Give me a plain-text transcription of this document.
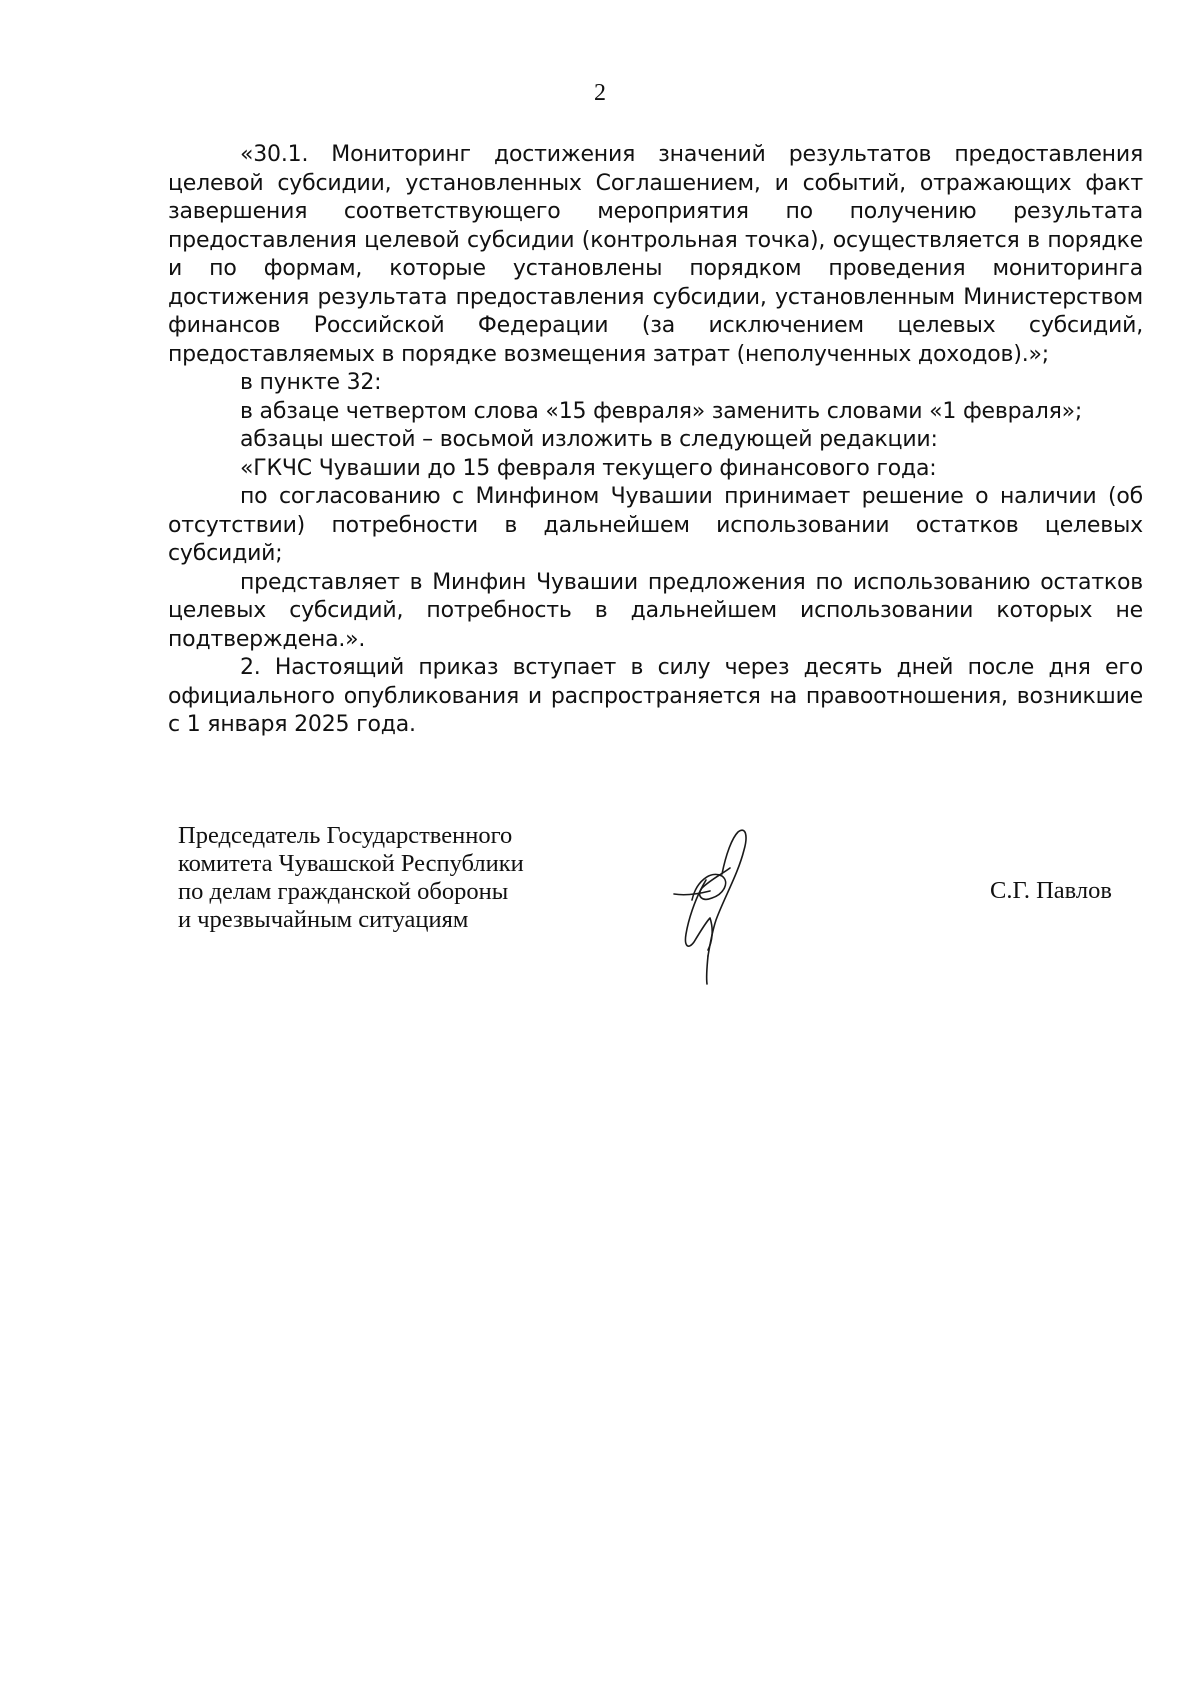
2

«30.1. Мониторинг достижения значений результатов предоставления целевой субсидии, установленных Соглашением, и событий, отражающих факт завершения соответствующего мероприятия по получению результата предоставления целевой субсидии (контрольная точка), осуществляется в порядке и по формам, которые установлены порядком проведения мониторинга достижения результата предоставления субсидии, установленным Министерством финансов Российской Федерации (за исключением целевых субсидий, предоставляемых в порядке возмещения затрат (неполученных доходов).»;

в пункте 32:

в абзаце четвертом слова «15 февраля» заменить словами «1 февраля»;

абзацы шестой – восьмой изложить в следующей редакции:

«ГКЧС Чувашии до 15 февраля текущего финансового года:

по согласованию с Минфином Чувашии принимает решение о наличии (об отсутствии) потребности в дальнейшем использовании остатков целевых субсидий;

представляет в Минфин Чувашии предложения по использованию остатков целевых субсидий, потребность в дальнейшем использовании которых не подтверждена.».

2. Настоящий приказ вступает в силу через десять дней после дня его официального опубликования и распространяется на правоотношения, возникшие с 1 января 2025 года.

Председатель Государственного
комитета Чувашской Республики
по делам гражданской обороны
и чрезвычайным ситуациям
С.Г. Павлов
